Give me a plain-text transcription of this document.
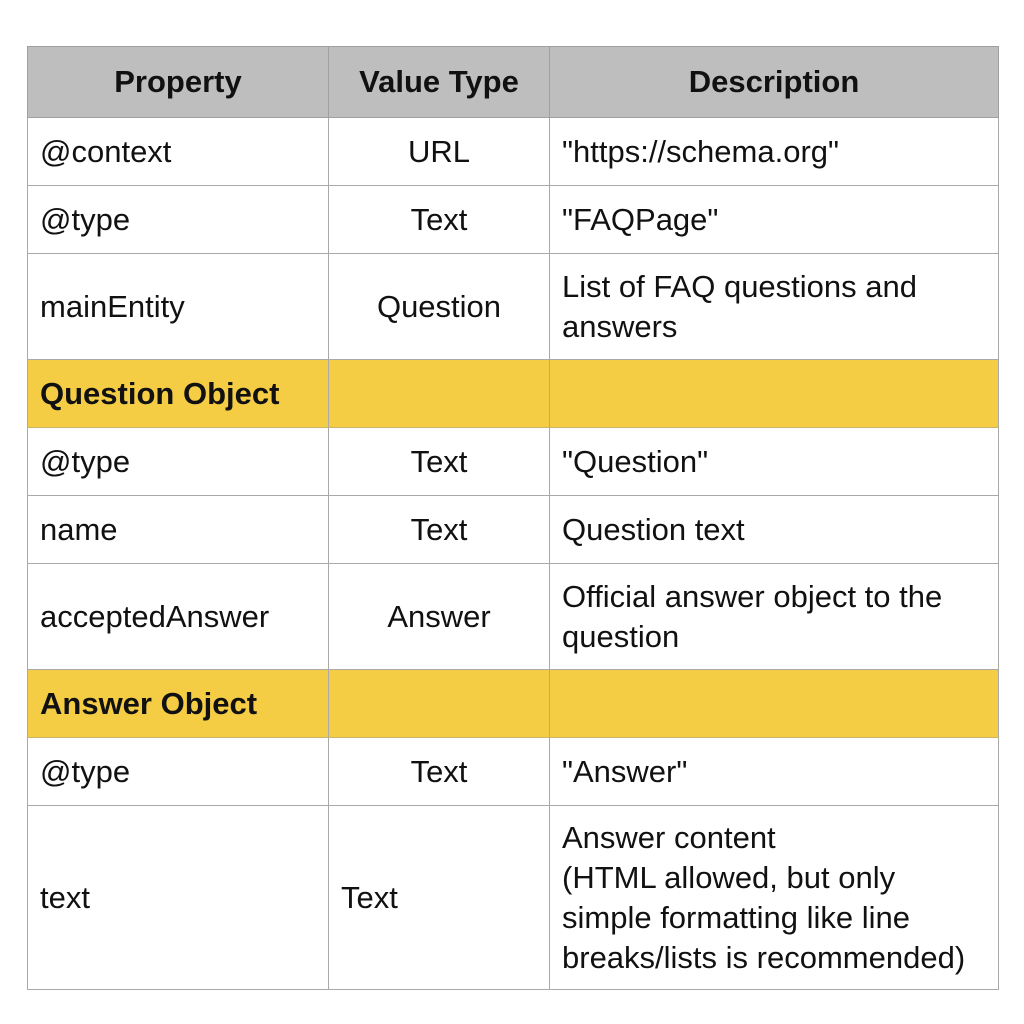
Property	Value Type	Description
@context	URL	"https://schema.org"

@type	Text	"FAQPage"

mainEntity	Question	List of FAQ questions and
answers

Question Object		
@type	Text	"Question"

name	Text	Question text

acceptedAnswer	Answer	Official answer object to the
question

Answer Object		
@type	Text	"Answer"

text	Text	Answer content
(HTML allowed, but only
simple formatting like line
breaks/lists is recommended)
